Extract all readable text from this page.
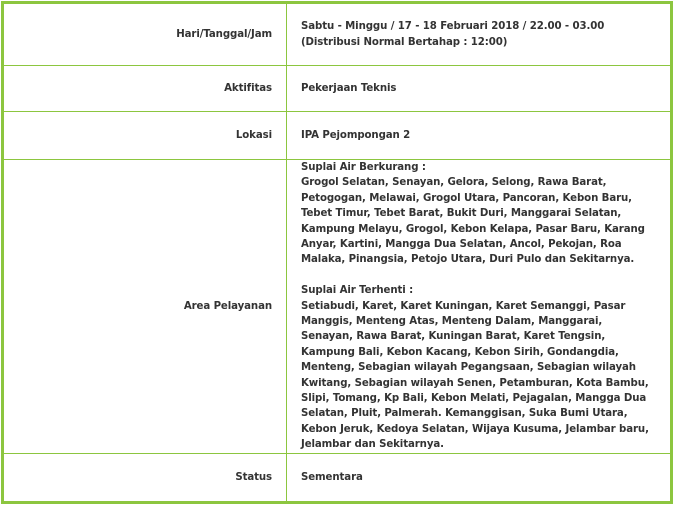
Hari/Tanggal/Jam	Sabtu - Minggu / 17 - 18 Februari 2018 / 22.00 - 03.00 (Distribusi Normal Bertahap : 12:00)
Aktifitas	Pekerjaan Teknis
Lokasi	IPA Pejompongan 2
Area Pelayanan	Suplai Air Berkurang :
Grogol Selatan, Senayan, Gelora, Selong, Rawa Barat, Petogogan, Melawai, Grogol Utara, Pancoran, Kebon Baru, Tebet Timur, Tebet Barat, Bukit Duri, Manggarai Selatan, Kampung Melayu, Grogol, Kebon Kelapa, Pasar Baru, Karang Anyar, Kartini, Mangga Dua Selatan, Ancol, Pekojan, Roa Malaka, Pinangsia, Petojo Utara, Duri Pulo dan Sekitarnya.
Suplai Air Terhenti :
Setiabudi, Karet, Karet Kuningan, Karet Semanggi, Pasar Manggis, Menteng Atas, Menteng Dalam, Manggarai, Senayan, Rawa Barat, Kuningan Barat, Karet Tengsin, Kampung Bali, Kebon Kacang, Kebon Sirih, Gondangdia, Menteng, Sebagian wilayah Pegangsaan, Sebagian wilayah Kwitang, Sebagian wilayah Senen, Petamburan, Kota Bambu, Slipi, Tomang, Kp Bali, Kebon Melati, Pejagalan, Mangga Dua Selatan, Pluit, Palmerah. Kemanggisan, Suka Bumi Utara, Kebon Jeruk, Kedoya Selatan, Wijaya Kusuma, Jelambar baru, Jelambar dan Sekitarnya.

Status	Sementara
